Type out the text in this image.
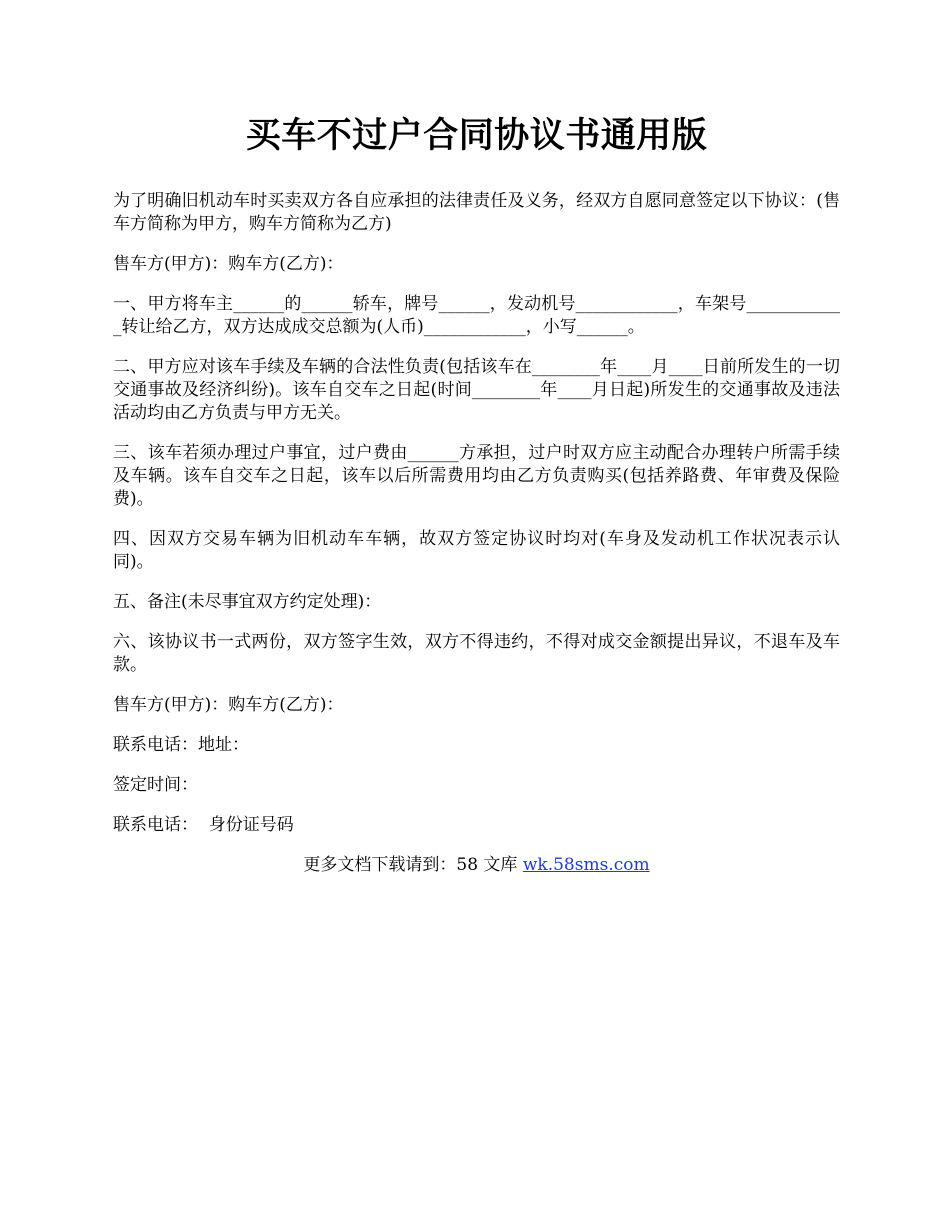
买车不过户合同协议书通用版

为了明确旧机动车时买卖双方各自应承担的法律责任及义务，经双方自愿同意签定以下协议：(售车方简称为甲方，购车方简称为乙方)

售车方(甲方)：购车方(乙方)：

一、甲方将车主______的______轿车，牌号______，发动机号____________，车架号____________转让给乙方，双方达成成交总额为(人币)____________，小写______。

二、甲方应对该车手续及车辆的合法性负责(包括该车在________年____月____日前所发生的一切交通事故及经济纠纷)。该车自交车之日起(时间________年____月日起)所发生的交通事故及违法活动均由乙方负责与甲方无关。

三、该车若须办理过户事宜，过户费由______方承担，过户时双方应主动配合办理转户所需手续及车辆。该车自交车之日起，该车以后所需费用均由乙方负责购买(包括养路费、年审费及保险费)。

四、因双方交易车辆为旧机动车车辆，故双方签定协议时均对(车身及发动机工作状况表示认同)。

五、备注(未尽事宜双方约定处理)：

六、该协议书一式两份，双方签字生效，双方不得违约，不得对成交金额提出异议，不退车及车款。

售车方(甲方)：购车方(乙方)：

联系电话：地址：

签定时间：

联系电话：  身份证号码

更多文档下载请到：58 文库 wk.58sms.com
